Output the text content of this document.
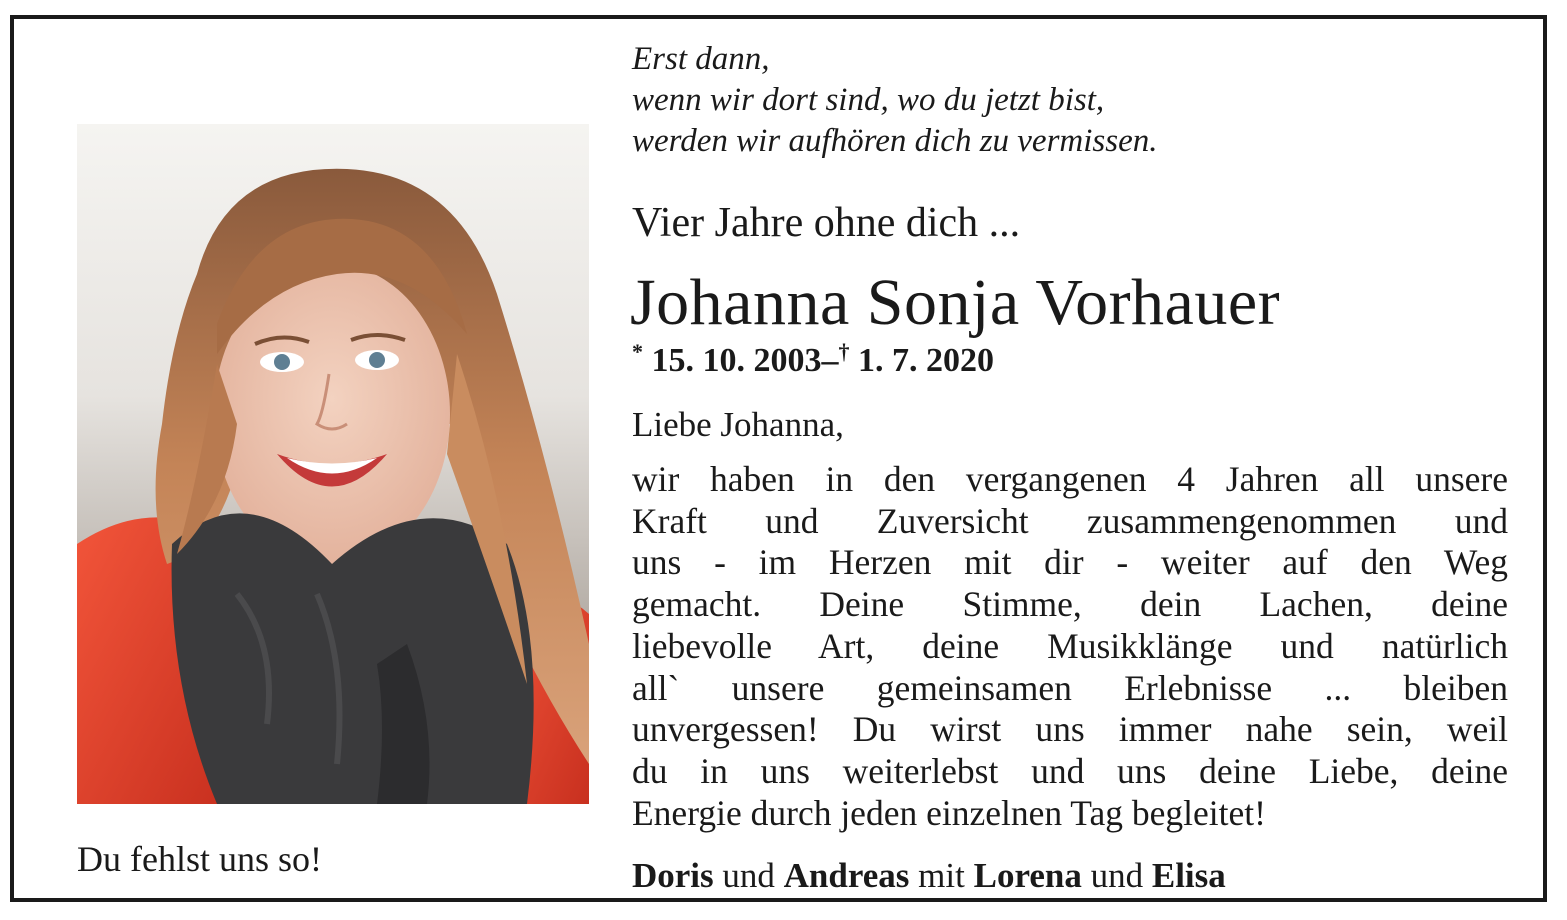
Du fehlst uns so!
Erst dann,
wenn wir dort sind, wo du jetzt bist,
werden wir aufhören dich zu vermissen.
Vier Jahre ohne dich ...
Johanna Sonja Vorhauer
* 15. 10. 2003–† 1. 7. 2020
Liebe Johanna,
wir haben in den vergangenen 4 Jahren all unsere
Kraft und Zuversicht zusammengenommen und
uns - im Herzen mit dir - weiter auf den Weg
gemacht. Deine Stimme, dein Lachen, deine
liebevolle Art, deine Musikklänge und natürlich
all` unsere gemeinsamen Erlebnisse ... bleiben
unvergessen! Du wirst uns immer nahe sein, weil
du in uns weiterlebst und uns deine Liebe, deine
Energie durch jeden einzelnen Tag begleitet!
Doris und Andreas mit Lorena und Elisa
